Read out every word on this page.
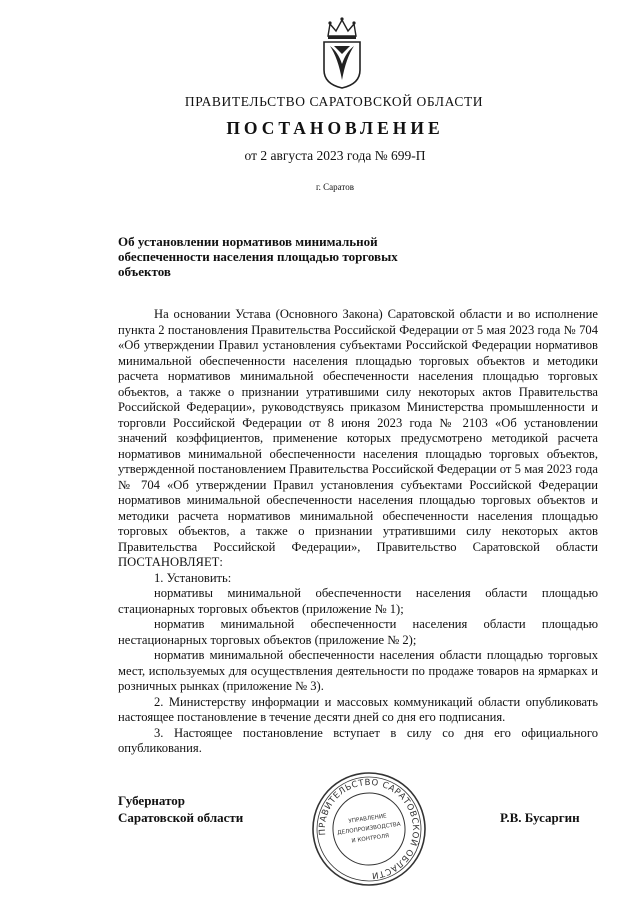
ПРАВИТЕЛЬСТВО САРАТОВСКОЙ ОБЛАСТИ
ПОСТАНОВЛЕНИЕ
от 2 августа 2023 года № 699-П
г. Саратов
Об установлении нормативов минимальной обеспеченности населения площадью торговых объектов

На основании Устава (Основного Закона) Саратовской области и во исполнение пункта 2 постановления Правительства Российской Федерации от 5 мая 2023 года № 704 «Об утверждении Правил установления субъектами Российской Федерации нормативов минимальной обеспеченности населения площадью торговых объектов и методики расчета нормативов минимальной обеспеченности населения площадью торговых объектов, а также о признании утратившими силу некоторых актов Правительства Российской Федерации», руководствуясь приказом Министерства промышленности и торговли Российской Федерации от 8 июня 2023 года № 2103 «Об установлении значений коэффициентов, применение которых предусмотрено методикой расчета нормативов минимальной обеспеченности населения площадью торговых объектов, утвержденной постановлением Правительства Российской Федерации от 5 мая 2023 года № 704 «Об утверждении Правил установления субъектами Российской Федерации нормативов минимальной обеспеченности населения площадью торговых объектов и методики расчета нормативов минимальной обеспеченности населения площадью торговых объектов, а также о признании утратившими силу некоторых актов Правительства Российской Федерации», Правительство Саратовской области ПОСТАНОВЛЯЕТ:

1. Установить:

нормативы минимальной обеспеченности населения области площадью стационарных торговых объектов (приложение № 1);

норматив минимальной обеспеченности населения области площадью нестационарных торговых объектов (приложение № 2);

норматив минимальной обеспеченности населения области площадью торговых мест, используемых для осуществления деятельности по продаже товаров на ярмарках и розничных рынках (приложение № 3).

2. Министерству информации и массовых коммуникаций области опубликовать настоящее постановление в течение десяти дней со дня его подписания.

3. Настоящее постановление вступает в силу со дня его официального опубликования.

Губернатор
Саратовской области	Р.В. Бусаргин
ПРАВИТЕЛЬСТВО САРАТОВСКОЙ ОБЛАСТИ
УПРАВЛЕНИЕ
ДЕЛОПРОИЗВОДСТВА
И КОНТРОЛЯ
